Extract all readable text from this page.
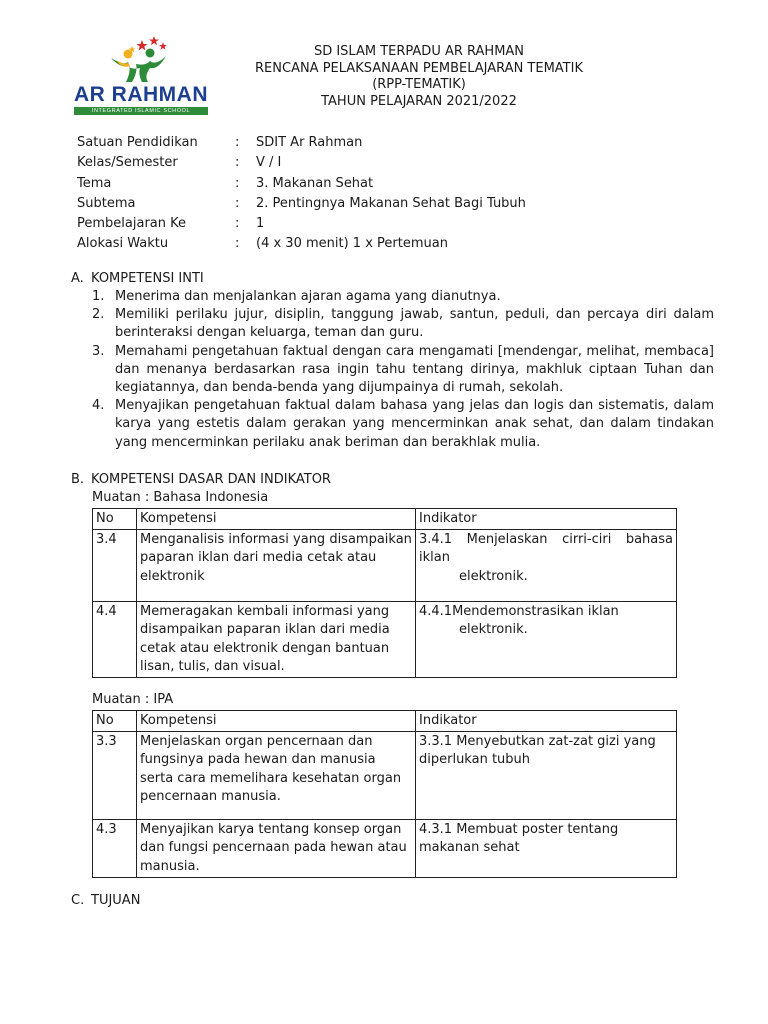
AR RAHMAN
INTEGRATED ISLAMIC SCHOOL
SD ISLAM TERPADU AR RAHMAN
RENCANA PELAKSANAAN PEMBELAJARAN TEMATIK
(RPP-TEMATIK)
TAHUN PELAJARAN 2021/2022
Satuan Pendidikan	:	SDIT Ar Rahman
Kelas/Semester	:	V / I
Tema	:	3. Makanan Sehat
Subtema	:	2. Pentingnya Makanan Sehat Bagi Tubuh
Pembelajaran Ke	:	1
Alokasi Waktu	:	(4 x 30 menit) 1 x Pertemuan
A. KOMPETENSI INTI
1. Menerima dan menjalankan ajaran agama yang dianutnya.
2. Memiliki perilaku jujur, disiplin, tanggung jawab, santun, peduli, dan percaya diri dalam berinteraksi dengan keluarga, teman dan guru.
3. Memahami pengetahuan faktual dengan cara mengamati [mendengar, melihat, membaca] dan menanya berdasarkan rasa ingin tahu tentang dirinya, makhluk ciptaan Tuhan dan kegiatannya, dan benda-benda yang dijumpainya di rumah, sekolah.
4. Menyajikan pengetahuan faktual dalam bahasa yang jelas dan logis dan sistematis, dalam karya yang estetis dalam gerakan yang mencerminkan anak sehat, dan dalam tindakan yang mencerminkan perilaku anak beriman dan berakhlak mulia.
B. KOMPETENSI DASAR DAN INDIKATOR
Muatan : Bahasa Indonesia
No	Kompetensi	Indikator
3.4	Menganalisis informasi yang disampaikan paparan iklan dari media cetak atau elektronik	3.4.1 Menjelaskan cirri-ciri bahasa iklan
elektronik.

4.4	Memeragakan kembali informasi yang disampaikan paparan iklan dari media cetak atau elektronik dengan bantuan lisan, tulis, dan visual.	4.4.1Mendemonstrasikan iklan
elektronik.
Muatan : IPA
No	Kompetensi	Indikator
3.3	Menjelaskan organ pencernaan dan fungsinya pada hewan dan manusia serta cara memelihara kesehatan organ pencernaan manusia.	3.3.1 Menyebutkan zat-zat gizi yang diperlukan tubuh
4.3	Menyajikan karya tentang konsep organ dan fungsi pencernaan pada hewan atau manusia.	4.3.1 Membuat poster tentang makanan sehat
C. TUJUAN
